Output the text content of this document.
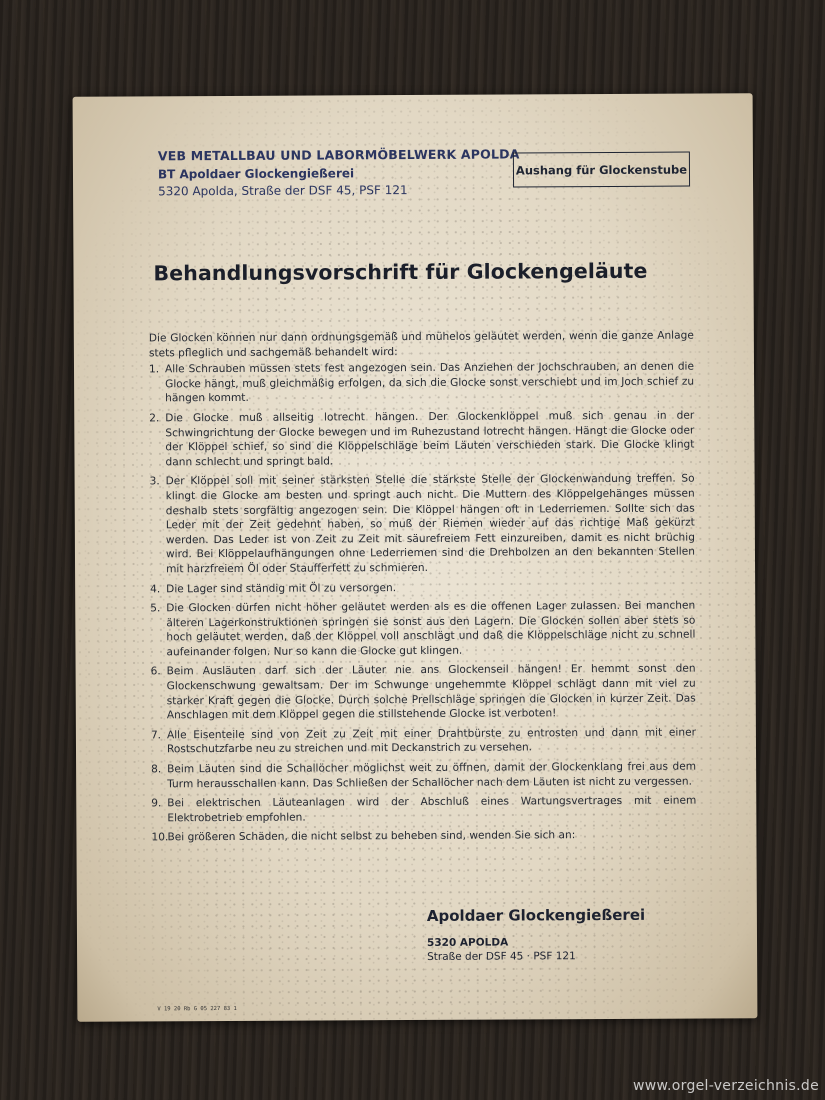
VEB METALLBAU UND LABORMÖBELWERK APOLDA
BT Apoldaer Glockengießerei
5320 Apolda, Straße der DSF 45, PSF 121
Aushang für Glockenstube
Behandlungsvorschrift für Glockengeläute

Die Glocken können nur dann ordnungsgemäß und mühelos geläutet werden, wenn die ganze Anlage stets pfleglich und sachgemäß behandelt wird:

1. Alle Schrauben müssen stets fest angezogen sein. Das Anziehen der Jochschrauben, an denen die Glocke hängt, muß gleichmäßig erfolgen, da sich die Glocke sonst verschiebt und im Joch schief zu hängen kommt.
2. Die Glocke muß allseitig lotrecht hängen. Der Glockenklöppel muß sich genau in der Schwingrichtung der Glocke bewegen und im Ruhezustand lotrecht hängen. Hängt die Glocke oder der Klöppel schief, so sind die Klöppelschläge beim Läuten verschieden stark. Die Glocke klingt dann schlecht und springt bald.
3. Der Klöppel soll mit seiner stärksten Stelle die stärkste Stelle der Glockenwandung treffen. So klingt die Glocke am besten und springt auch nicht. Die Muttern des Klöppelgehänges müssen deshalb stets sorgfältig angezogen sein. Die Klöppel hängen oft in Lederriemen. Sollte sich das Leder mit der Zeit gedehnt haben, so muß der Riemen wieder auf das richtige Maß gekürzt werden. Das Leder ist von Zeit zu Zeit mit säurefreiem Fett einzureiben, damit es nicht brüchig wird. Bei Klöppelaufhängungen ohne Lederriemen sind die Drehbolzen an den bekannten Stellen mit harzfreiem Öl oder Staufferfett zu schmieren.
4. Die Lager sind ständig mit Öl zu versorgen.
5. Die Glocken dürfen nicht höher geläutet werden als es die offenen Lager zulassen. Bei manchen älteren Lagerkonstruktionen springen sie sonst aus den Lagern. Die Glocken sollen aber stets so hoch geläutet werden, daß der Klöppel voll anschlägt und daß die Klöppelschläge nicht zu schnell aufeinander folgen. Nur so kann die Glocke gut klingen.
6. Beim Ausläuten darf sich der Läuter nie ans Glockenseil hängen! Er hemmt sonst den Glockenschwung gewaltsam. Der im Schwunge ungehemmte Klöppel schlägt dann mit viel zu starker Kraft gegen die Glocke. Durch solche Prellschläge springen die Glocken in kurzer Zeit. Das Anschlagen mit dem Klöppel gegen die stillstehende Glocke ist verboten!
7. Alle Eisenteile sind von Zeit zu Zeit mit einer Drahtbürste zu entrosten und dann mit einer Rostschutzfarbe neu zu streichen und mit Deckanstrich zu versehen.
8. Beim Läuten sind die Schallöcher möglichst weit zu öffnen, damit der Glockenklang frei aus dem Turm herausschallen kann. Das Schließen der Schallöcher nach dem Läuten ist nicht zu vergessen.
9. Bei elektrischen Läuteanlagen wird der Abschluß eines Wartungsvertrages mit einem Elektrobetrieb empfohlen.
10. Bei größeren Schäden, die nicht selbst zu beheben sind, wenden Sie sich an:
Apoldaer Glockengießerei
5320 APOLDA
Straße der DSF 45 · PSF 121
V 19 20 Rb G 05 227 83 1
www.orgel-verzeichnis.de
